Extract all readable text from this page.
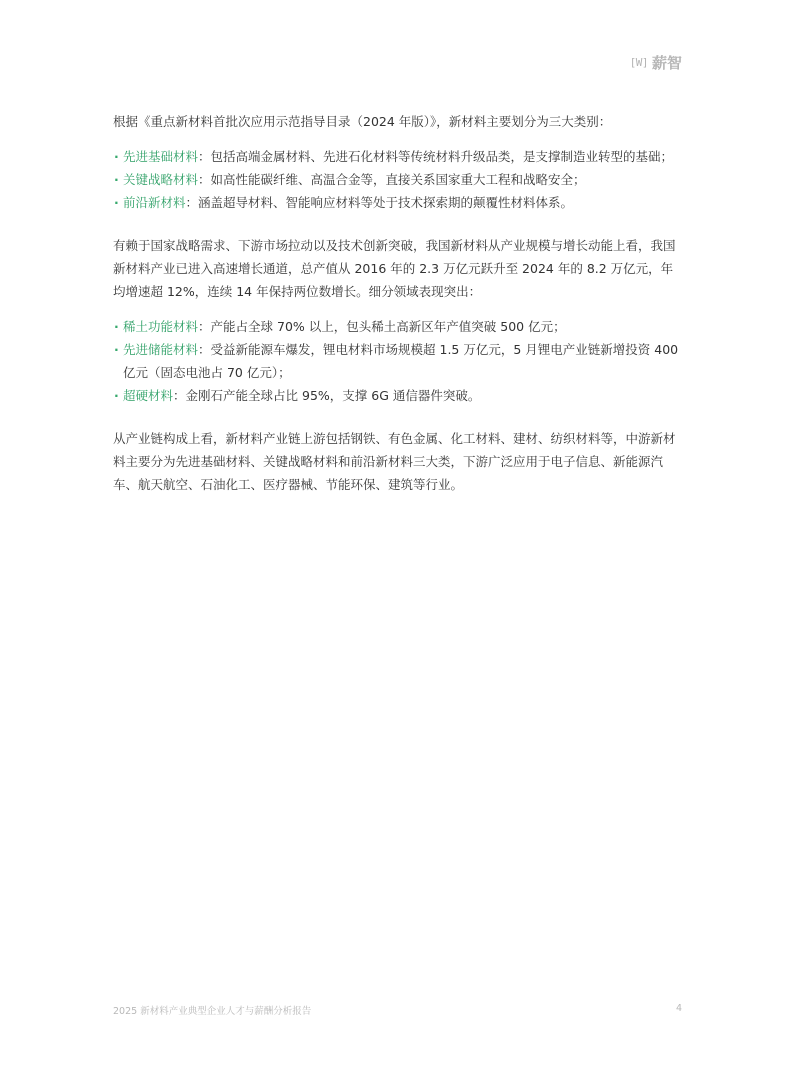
[W] 薪智

根据《重点新材料首批次应用示范指导目录（2024 年版）》，新材料主要划分为三大类别：

· 先进基础材料：包括高端金属材料、先进石化材料等传统材料升级品类，是支撑制造业转型的基础；
· 关键战略材料：如高性能碳纤维、高温合金等，直接关系国家重大工程和战略安全；
· 前沿新材料：涵盖超导材料、智能响应材料等处于技术探索期的颠覆性材料体系。

有赖于国家战略需求、下游市场拉动以及技术创新突破，我国新材料从产业规模与增长动能上看，我国新材料产业已进入高速增长通道，总产值从 2016 年的 2.3 万亿元跃升至 2024 年的 8.2 万亿元，年均增速超 12%，连续 14 年保持两位数增长。细分领域表现突出：

· 稀土功能材料：产能占全球 70% 以上，包头稀土高新区年产值突破 500 亿元；
· 先进储能材料：受益新能源车爆发，锂电材料市场规模超 1.5 万亿元，5 月锂电产业链新增投资 400 亿元（固态电池占 70 亿元）；
· 超硬材料：金刚石产能全球占比 95%，支撑 6G 通信器件突破。

从产业链构成上看，新材料产业链上游包括钢铁、有色金属、化工材料、建材、纺织材料等，中游新材料主要分为先进基础材料、关键战略材料和前沿新材料三大类，下游广泛应用于电子信息、新能源汽车、航天航空、石油化工、医疗器械、节能环保、建筑等行业。

2025 新材料产业典型企业人才与薪酬分析报告	4
